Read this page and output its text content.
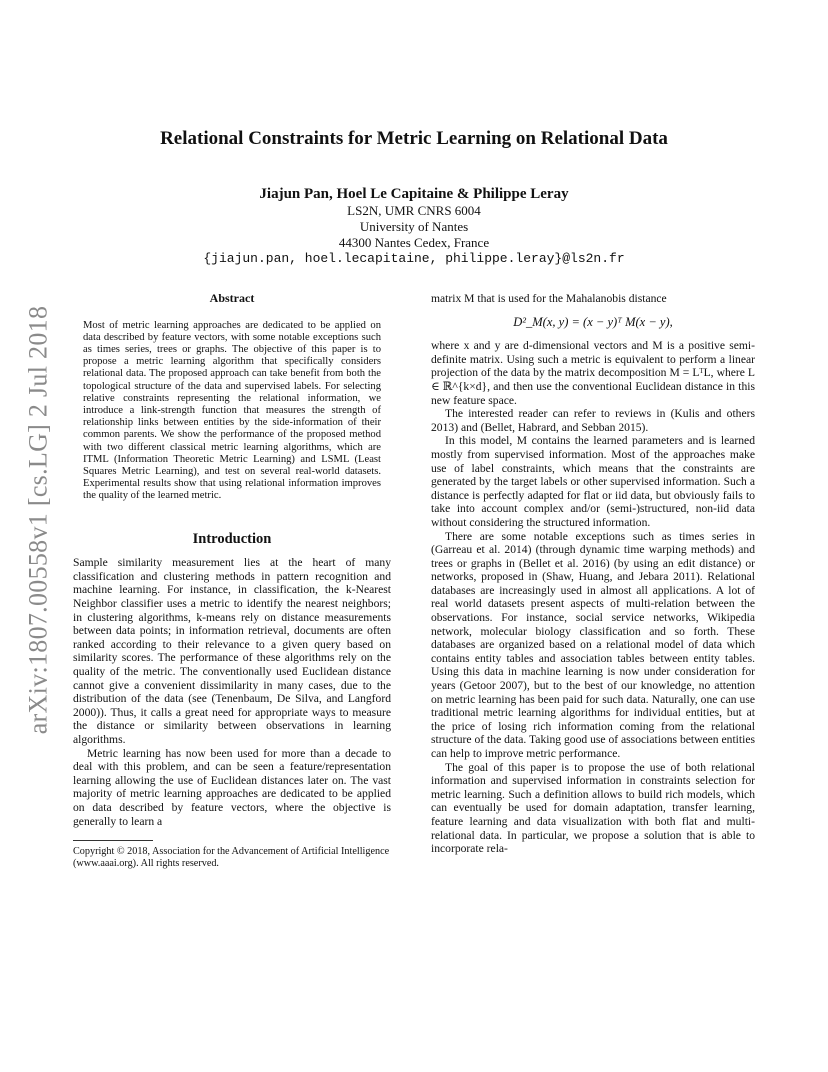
arXiv:1807.00558v1 [cs.LG] 2 Jul 2018
Relational Constraints for Metric Learning on Relational Data
Jiajun Pan, Hoel Le Capitaine & Philippe Leray
LS2N, UMR CNRS 6004
University of Nantes
44300 Nantes Cedex, France
{jiajun.pan, hoel.lecapitaine, philippe.leray}@ls2n.fr
Abstract

Most of metric learning approaches are dedicated to be applied on data described by feature vectors, with some notable exceptions such as times series, trees or graphs. The objective of this paper is to propose a metric learning algorithm that specifically considers relational data. The proposed approach can take benefit from both the topological structure of the data and supervised labels. For selecting relative constraints representing the relational information, we introduce a link-strength function that measures the strength of relationship links between entities by the side-information of their common parents. We show the performance of the proposed method with two different classical metric learning algorithms, which are ITML (Information Theoretic Metric Learning) and LSML (Least Squares Metric Learning), and test on several real-world datasets. Experimental results show that using relational information improves the quality of the learned metric.

Introduction

Sample similarity measurement lies at the heart of many classification and clustering methods in pattern recognition and machine learning. For instance, in classification, the k-Nearest Neighbor classifier uses a metric to identify the nearest neighbors; in clustering algorithms, k-means rely on distance measurements between data points; in information retrieval, documents are often ranked according to their relevance to a given query based on similarity scores. The performance of these algorithms rely on the quality of the metric. The conventionally used Euclidean distance cannot give a convenient dissimilarity in many cases, due to the distribution of the data (see (Tenenbaum, De Silva, and Langford 2000)). Thus, it calls a great need for appropriate ways to measure the distance or similarity between observations in learning algorithms.

Metric learning has now been used for more than a decade to deal with this problem, and can be seen a feature/representation learning allowing the use of Euclidean distances later on. The vast majority of metric learning approaches are dedicated to be applied on data described by feature vectors, where the objective is generally to learn a

Copyright © 2018, Association for the Advancement of Artificial Intelligence (www.aaai.org). All rights reserved.

matrix M that is used for the Mahalanobis distance

D²_M(x, y) = (x − y)ᵀ M(x − y),

where x and y are d-dimensional vectors and M is a positive semi-definite matrix. Using such a metric is equivalent to perform a linear projection of the data by the matrix decomposition M = LᵀL, where L ∈ ℝ^{k×d}, and then use the conventional Euclidean distance in this new feature space.

The interested reader can refer to reviews in (Kulis and others 2013) and (Bellet, Habrard, and Sebban 2015).

In this model, M contains the learned parameters and is learned mostly from supervised information. Most of the approaches make use of label constraints, which means that the constraints are generated by the target labels or other supervised information. Such a distance is perfectly adapted for flat or iid data, but obviously fails to take into account complex and/or (semi-)structured, non-iid data without considering the structured information.

There are some notable exceptions such as times series in (Garreau et al. 2014) (through dynamic time warping methods) and trees or graphs in (Bellet et al. 2016) (by using an edit distance) or networks, proposed in (Shaw, Huang, and Jebara 2011). Relational databases are increasingly used in almost all applications. A lot of real world datasets present aspects of multi-relation between the observations. For instance, social service networks, Wikipedia network, molecular biology classification and so forth. These databases are organized based on a relational model of data which contains entity tables and association tables between entity tables. Using this data in machine learning is now under consideration for years (Getoor 2007), but to the best of our knowledge, no attention on metric learning has been paid for such data. Naturally, one can use traditional metric learning algorithms for individual entities, but at the price of losing rich information coming from the relational structure of the data. Taking good use of associations between entities can help to improve metric performance.

The goal of this paper is to propose the use of both relational information and supervised information in constraints selection for metric learning. Such a definition allows to build rich models, which can eventually be used for domain adaptation, transfer learning, feature learning and data visualization with both flat and multi-relational data. In particular, we propose a solution that is able to incorporate rela-
